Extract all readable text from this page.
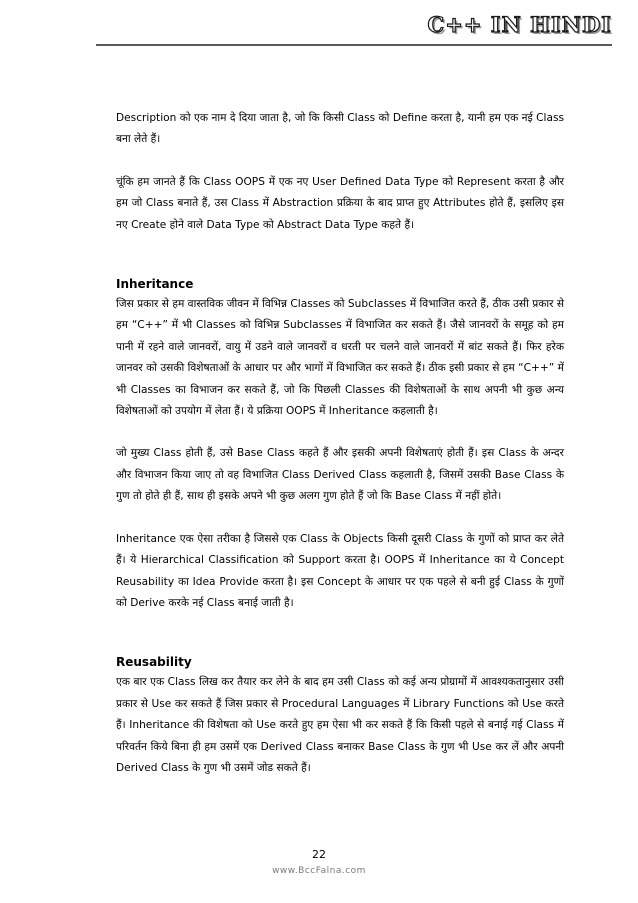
C++ IN HINDI

Description को एक नाम दे दिया जाता है, जो कि किसी Class को Define करता है, यानी हम एक नई Class बना लेते हैं।

चूंकि हम जानते हैं कि Class OOPS में एक नए User Defined Data Type को Represent करता है और हम जो Class बनाते हैं, उस Class में Abstraction प्रक्रिया के बाद प्राप्त हुए Attributes होते हैं, इसलिए इस नए Create होने वाले Data Type को Abstract Data Type कहते हैं।

Inheritance

जिस प्रकार से हम वास्तविक जीवन में विभिन्न Classes को Subclasses में विभाजित करते हैं, ठीक उसी प्रकार से हम “C++” में भी Classes को विभिन्न Subclasses में विभाजित कर सकते हैं। जैसे जानवरों के समूह को हम पानी में रहने वाले जानवरों, वायु में उडने वाले जानवरों व धरती पर चलने वाले जानवरों में बांट सकते हैं। फिर हरेक जानवर को उसकी विशेषताओं के आधार पर और भागों में विभाजित कर सकते हैं। ठीक इसी प्रकार से हम “C++” में भी Classes का विभाजन कर सकते हैं, जो कि पिछली Classes की विशेषताओं के साथ अपनी भी कुछ अन्य विशेषताओं को उपयोग में लेता हैं। ये प्रक्रिया OOPS में Inheritance कहलाती है।

जो मुख्य Class होती हैं, उसे Base Class कहते हैं और इसकी अपनी विशेषताएं होती हैं। इस Class के अन्दर और विभाजन किया जाए तो वह विभाजित Class Derived Class कहलाती है, जिसमें उसकी Base Class के गुण तो होते ही हैं, साथ ही इसके अपने भी कुछ अलग गुण होते हैं जो कि Base Class में नहीं होते।

Inheritance एक ऐसा तरीका है जिससे एक Class के Objects किसी दूसरी Class के गुणों को प्राप्त कर लेते हैं। ये Hierarchical Classification को Support करता है। OOPS में Inheritance का ये Concept Reusability का Idea Provide करता है। इस Concept के आधार पर एक पहले से बनी हुई Class के गुणों को Derive करके नई Class बनाई जाती है।

Reusability

एक बार एक Class लिख कर तैयार कर लेने के बाद हम उसी Class को कई अन्य प्रोग्रामों में आवश्यकतानुसार उसी प्रकार से Use कर सकते हैं जिस प्रकार से Procedural Languages में Library Functions को Use करते हैं। Inheritance की विशेषता को Use करते हुए हम ऐसा भी कर सकते हैं कि किसी पहले से बनाई गई Class में परिवर्तन किये बिना ही हम उसमें एक Derived Class बनाकर Base Class के गुण भी Use कर लें और अपनी Derived Class के गुण भी उसमें जोड सकते हैं।

22
www.BccFalna.com
